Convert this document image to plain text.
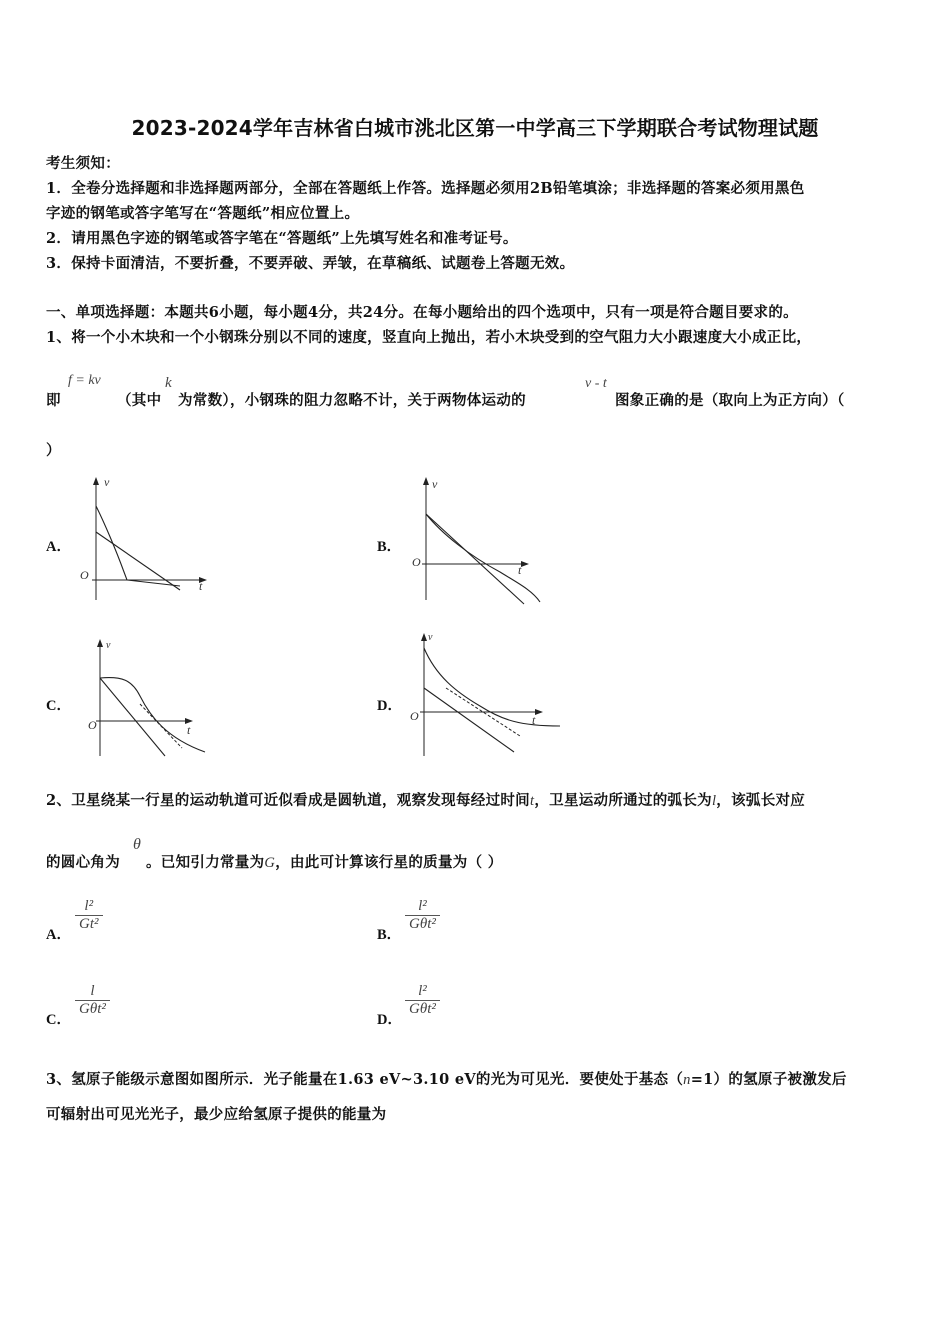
2023-2024学年吉林省白城市洮北区第一中学高三下学期联合考试物理试题
考生须知：
1．全卷分选择题和非选择题两部分，全部在答题纸上作答。选择题必须用2B铅笔填涂；非选择题的答案必须用黑色
字迹的钢笔或答字笔写在“答题纸”相应位置上。
2．请用黑色字迹的钢笔或答字笔在“答题纸”上先填写姓名和准考证号。
3．保持卡面清洁，不要折叠，不要弄破、弄皱，在草稿纸、试题卷上答题无效。
一、单项选择题：本题共6小题，每小题4分，共24分。在每小题给出的四个选项中，只有一项是符合题目要求的。
1、将一个小木块和一个小钢珠分别以不同的速度，竖直向上抛出，若小木块受到的空气阻力大小跟速度大小成正比，
即
f = kv
（其中
k
为常数），小钢珠的阻力忽略不计，关于两物体运动的
v - t
图象正确的是（取向上为正方向）（
）
A．
v
t
O
B．
v
t
O
C．
v
t
O
D．
v
t
O
2、卫星绕某一行星的运动轨道可近似看成是圆轨道，观察发现每经过时间t，卫星运动所通过的弧长为l，该弧长对应
的圆心角为
θ
。已知引力常量为G，由此可计算该行星的质量为（ ）
A．
$\frac{\text{l²}}{\text{Gt²}}$
B．
l²
Gθt²
C．
l
Gθt²
D．
l²
Gθt²
3、氢原子能级示意图如图所示．光子能量在1.63 eV~3.10 eV的光为可见光．要使处于基态（n=1）的氢原子被激发后
可辐射出可见光光子，最少应给氢原子提供的能量为
